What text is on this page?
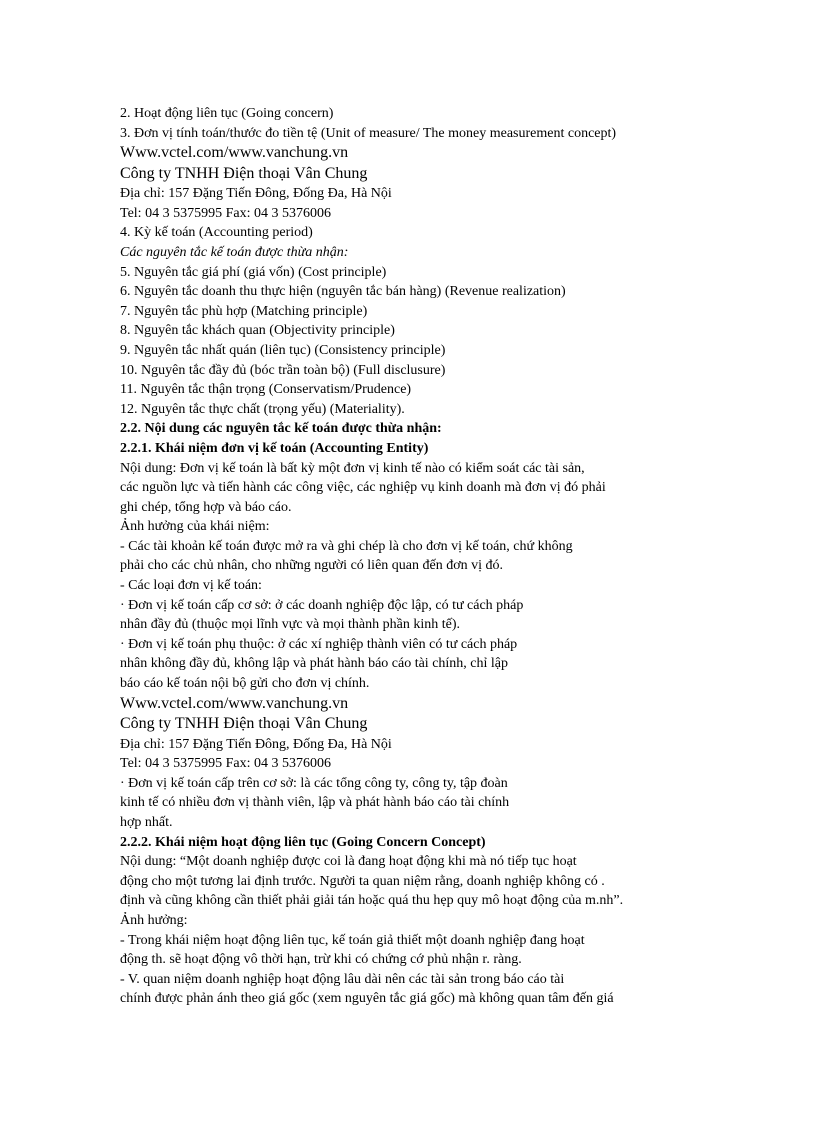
2. Hoạt động liên tục (Going concern)
3. Đơn vị tính toán/thước đo tiền tệ (Unit of measure/ The money measurement concept)
Www.vctel.com/www.vanchung.vn
Công ty TNHH Điện thoại Vân Chung
Địa chỉ: 157 Đặng Tiến Đông, Đống Đa, Hà Nội
Tel: 04 3 5375995 Fax: 04 3 5376006
4. Kỳ kế toán (Accounting period)
Các nguyên tắc kế toán được thừa nhận:
5. Nguyên tắc giá phí (giá vốn) (Cost principle)
6. Nguyên tắc doanh thu thực hiện (nguyên tắc bán hàng) (Revenue realization)
7. Nguyên tắc phù hợp (Matching principle)
8. Nguyên tắc khách quan (Objectivity principle)
9. Nguyên tắc nhất quán (liên tục) (Consistency principle)
10. Nguyên tắc đầy đủ (bóc trần toàn bộ) (Full disclusure)
11. Nguyên tắc thận trọng (Conservatism/Prudence)
12. Nguyên tắc thực chất (trọng yếu) (Materiality).
2.2. Nội dung các nguyên tắc kế toán được thừa nhận:
2.2.1. Khái niệm đơn vị kế toán (Accounting Entity)
Nội dung: Đơn vị kế toán là bất kỳ một đơn vị kinh tế nào có kiểm soát các tài sản,
các nguồn lực và tiến hành các công việc, các nghiệp vụ kinh doanh mà đơn vị đó phải
ghi chép, tổng hợp và báo cáo.
Ảnh hưởng của khái niệm:
- Các tài khoản kế toán được mở ra và ghi chép là cho đơn vị kế toán, chứ không
phải cho các chủ nhân, cho những người có liên quan đến đơn vị đó.
- Các loại đơn vị kế toán:
· Đơn vị kế toán cấp cơ sở: ở các doanh nghiệp độc lập, có tư cách pháp
nhân đầy đủ (thuộc mọi lĩnh vực và mọi thành phần kinh tế).
· Đơn vị kế toán phụ thuộc: ở các xí nghiệp thành viên có tư cách pháp
nhân không đầy đủ, không lập và phát hành báo cáo tài chính, chỉ lập
báo cáo kế toán nội bộ gửi cho đơn vị chính.
Www.vctel.com/www.vanchung.vn
Công ty TNHH Điện thoại Vân Chung
Địa chỉ: 157 Đặng Tiến Đông, Đống Đa, Hà Nội
Tel: 04 3 5375995 Fax: 04 3 5376006
· Đơn vị kế toán cấp trên cơ sở: là các tổng công ty, công ty, tập đoàn
kinh tế có nhiều đơn vị thành viên, lập và phát hành báo cáo tài chính
hợp nhất.
2.2.2. Khái niệm hoạt động liên tục (Going Concern Concept)
Nội dung: “Một doanh nghiệp được coi là đang hoạt động khi mà nó tiếp tục hoạt
động cho một tương lai định trước. Người ta quan niệm rằng, doanh nghiệp không có .
định và cũng không cần thiết phải giải tán hoặc quá thu hẹp quy mô hoạt động của m.nh”.
Ảnh hưởng:
- Trong khái niệm hoạt động liên tục, kế toán giả thiết một doanh nghiệp đang hoạt
động th. sẽ hoạt động vô thời hạn, trừ khi có chứng cớ phủ nhận r. ràng.
- V. quan niệm doanh nghiệp hoạt động lâu dài nên các tài sản trong báo cáo tài
chính được phản ánh theo giá gốc (xem nguyên tắc giá gốc) mà không quan tâm đến giá
